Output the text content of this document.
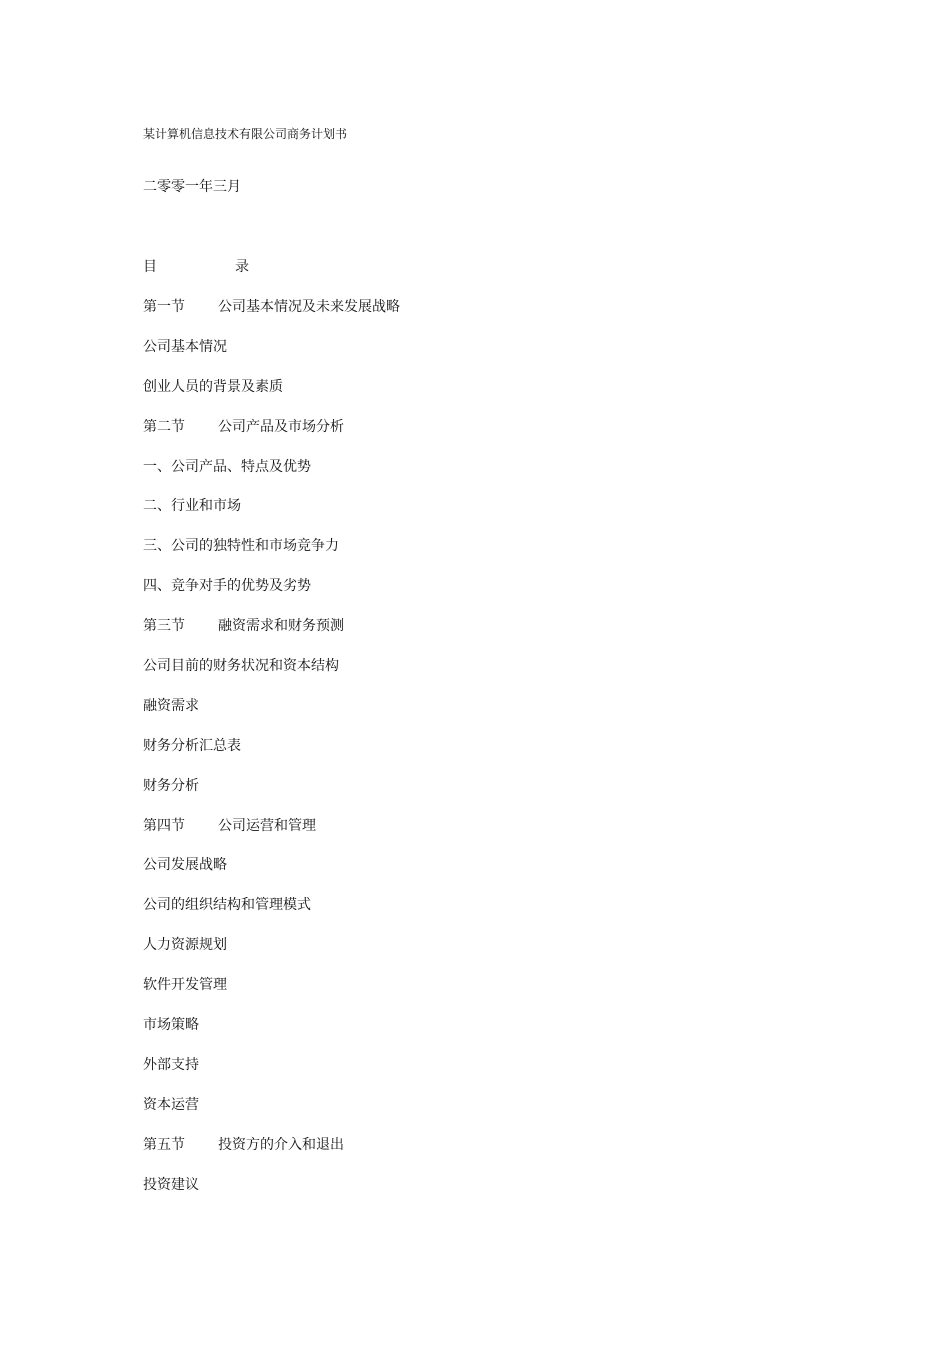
某计算机信息技术有限公司商务计划书
二零零一年三月
目	录
第一节 公司基本情况及未来发展战略
公司基本情况
创业人员的背景及素质
第二节 公司产品及市场分析
一、公司产品、特点及优势
二、行业和市场
三、公司的独特性和市场竞争力
四、竞争对手的优势及劣势
第三节 融资需求和财务预测
公司目前的财务状况和资本结构
融资需求
财务分析汇总表
财务分析
第四节 公司运营和管理
公司发展战略
公司的组织结构和管理模式
人力资源规划
软件开发管理
市场策略
外部支持
资本运营
第五节 投资方的介入和退出
投资建议
